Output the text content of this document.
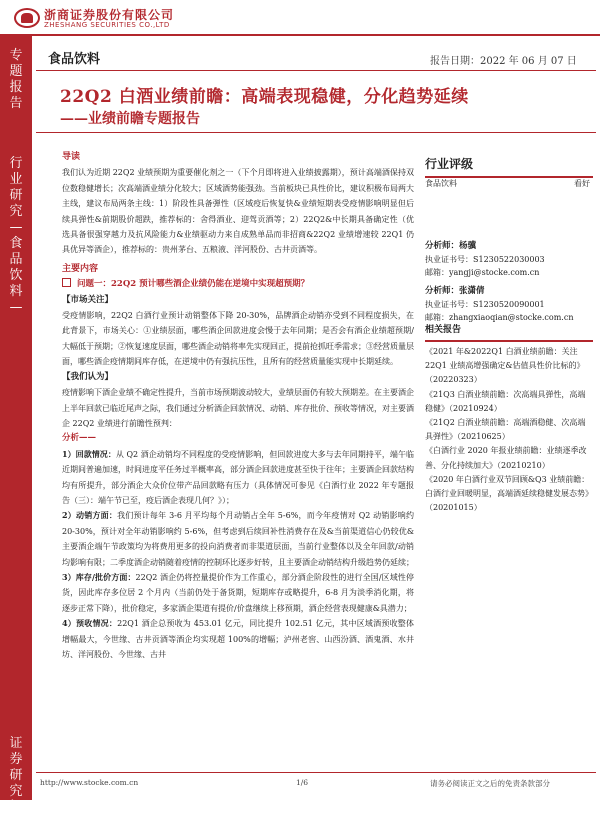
浙商证券股份有限公司
ZHESHANG SECURITIES CO.,LTD
专
题
报
告
行
业
研
究
—
食
品
饮
料
—
证
券
研
究
报
告
食品饮料	报告日期：2022 年 06 月 07 日
22Q2 白酒业绩前瞻：高端表现稳健，分化趋势延续
——业绩前瞻专题报告

导读

我们认为近期 22Q2 业绩预期为重要催化剂之一（下个月即将进入业绩披露期），预计高端酒保持双位数稳健增长；次高端酒业绩分化较大；区域酒势能强劲。当前板块已具性价比，建议积极布局两大主线，建议布局两条主线：1）阶段性具备弹性（区域疫后恢复快&业绩短期表受疫情影响明显但后续具弹性&前期股价超跌，推荐标的：舍得酒业、迎驾贡酒等；2）22Q2&中长期具备确定性（优选具备很强穿越力及抗风险能力&业绩驱动力来自成熟单品而非招商&22Q2 业绩增速较 22Q1 仍具优异等酒企），推荐标的：贵州茅台、五粮液、洋河股份、古井贡酒等。

主要内容

问题一：22Q2 预计哪些酒企业绩仍能在逆境中实现超预期？

【市场关注】

受疫情影响，22Q2 白酒行业预计动销整体下降 20-30%，品牌酒企动销亦受到不同程度损失，在此背景下，市场关心：①业绩层面，哪些酒企回款进度会慢于去年同期；是否会有酒企业绩超预期/大幅低于预期；②恢复速度层面，哪些酒企动销将率先实现回正，提前抢抓旺季需求；③经营质量层面，哪些酒企疫情期间库存低，在逆境中仍有强抗压性，且所有的经营质量能实现中长期延续。

【我们认为】

疫情影响下酒企业绩不确定性提升，当前市场预期波动较大，业绩层面仍有较大预期差。在主要酒企上半年回款已临近尾声之际，我们通过分析酒企回款情况、动销、库存批价、预收等情况，对主要酒企 22Q2 业绩进行前瞻性预判：

分析——

1）回款情况：从 Q2 酒企动销均不同程度的受疫情影响，但回款进度大多与去年同期持平，端午临近期间普遍加速，时间进度平任务过半概率高，部分酒企回款进度甚至快于往年；主要酒企回款结构均有所提升，部分酒企大众价位带产品回款略有压力（具体情况可参见《白酒行业 2022 年专题报告（三）：端午节已至，疫后酒企表现几何？》）；

2）动销方面：我们预计每年 3-6 月平均每个月动销占全年 5-6%，而今年疫情对 Q2 动销影响约 20-30%，预计对全年动销影响约 5-6%，但考虑到后续回补性消费存在及&当前渠道信心仍较优&主要酒企端午节政策均为将费用更多的投向消费者而非渠道层面，当前行业整体以及全年回款/动销均影响有限；二季度酒企动销随着疫情的控制环比逐步好转，且主要酒企动销结构升级趋势仍延续；

3）库存/批价方面：22Q2 酒企仍将控量提价作为工作重心，部分酒企阶段性的进行全国/区域性停货，因此库存多位居 2 个月内（当前仍处于备货期，短期库存或略提升，6-8 月为淡季消化期，将逐步正常下降），批价稳定，多家酒企渠道有提价/价盘继续上移预期，酒企经营表现健康&具潜力；

4）预收情况：22Q1 酒企总预收为 453.01 亿元，同比提升 102.51 亿元，其中区域酒预收整体增幅最大，今世缘、古井贡酒等酒企均实现超 100%的增幅；泸州老窖、山西汾酒、酒鬼酒、水井坊、洋河股份、今世缘、古井

行业评级
食品饮料	看好
分析师：杨骥
执业证书号：S1230522030003
邮箱：yangji@stocke.com.cn
分析师：张潇倩
执业证书号：S1230520090001
邮箱：zhangxiaoqian@stocke.com.cn
相关报告
《2021 年&2022Q1 白酒业绩前瞻：关注 22Q1 业绩高增强确定&估值具性价比标的》（20220323）
《21Q3 白酒业绩前瞻：次高端具弹性，高端稳健》（20210924）
《21Q2 白酒业绩前瞻：高端酒稳健、次高端具弹性》（20210625）
《白酒行业 2020 年报业绩前瞻：业绩逐季改善、分化持续加大》（20210210）
《2020 年白酒行业双节回顾&Q3 业绩前瞻：白酒行业回暖明显，高端酒延续稳健发展态势》（20201015）
http://www.stocke.com.cn	1/6	请务必阅读正文之后的免责条款部分
